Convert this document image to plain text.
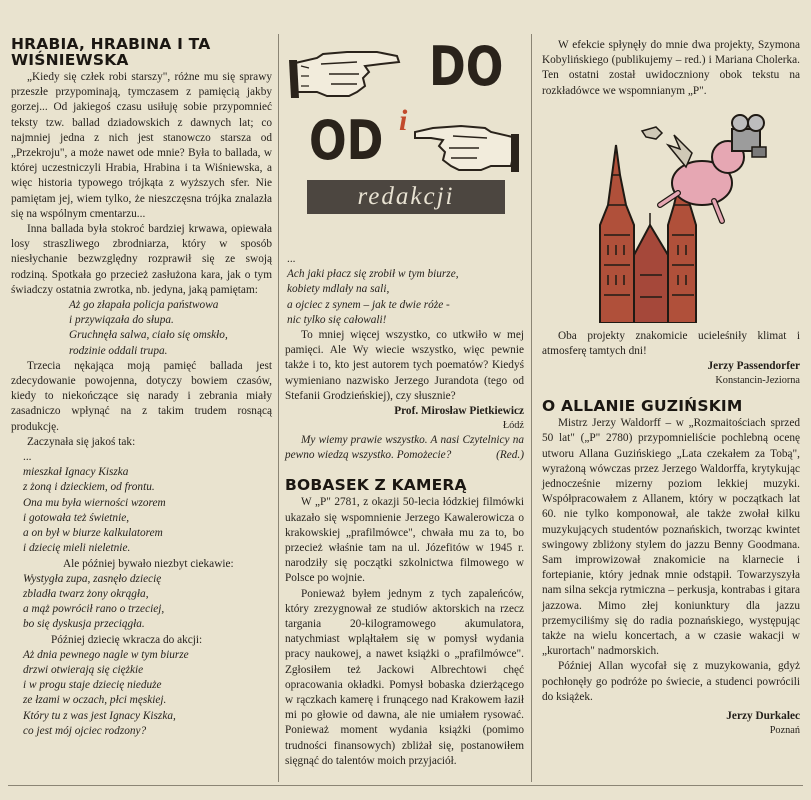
HRABIA, HRABINA I TA
WIŚNIEWSKA

„Kiedy się człek robi starszy", różne mu się sprawy przeszłe przypominają, tymczasem z pamięcią jakby gorzej... Od jakiegoś czasu usiłuję sobie przypomnieć teksty tzw. ballad dziadowskich z dawnych lat; co najmniej jedna z nich jest stanowczo starsza od „Przekroju", a może nawet ode mnie? Była to ballada, w której uczestniczyli Hrabia, Hrabina i ta Wiśniewska, a więc historia typowego trójkąta z wyższych sfer. Nie pamiętam jej, wiem tylko, że nieszczęsna trójka znalazła się na wspólnym cmentarzu...

Inna ballada była stokroć bardziej krwawa, opiewała losy straszliwego zbrodniarza, który w sposób niesłychanie bezwzględny rozprawił się ze swoją rodziną. Spotkała go przecież zasłużona kara, jak o tym świadczy ostatnia zwrotka, nb. jedyna, jaką pamiętam:

Aż go złapała policja państwowa
i przywiązała do słupa.
Gruchnęła salwa, ciało się omskło,
rodzinie oddali trupa.

Trzecia nękająca moją pamięć ballada jest zdecydowanie powojenna, dotyczy bowiem czasów, kiedy to niekończące się narady i zebrania miały zasadniczo wpłynąć na z takim trudem rosnącą produkcję.

Zaczynała się jakoś tak:

...
mieszkał Ignacy Kiszka
z żoną i dzieckiem, od frontu.
Ona mu była wierności wzorem
i gotowała też świetnie,
a on był w biurze kalkulatorem
i dziecię mieli nieletnie.

Ale później bywało niezbyt ciekawie:

Wystygła zupa, zasnęło dziecię
zbladła twarz żony okrągła,
a mąż powrócił rano o trzeciej,
bo się dyskusja przeciągła.

Później dziecię wkracza do akcji:

Aż dnia pewnego nagle w tym biurze
drzwi otwierają się ciężkie
i w progu staje dziecię nieduże
ze łzami w oczach, płci męskiej.
Który tu z was jest Ignacy Kiszka,
co jest mój ojciec rodzony?
DO
i
OD
redakcji
...
Ach jaki płacz się zrobił w tym biurze,
kobiety mdlały na sali,
a ojciec z synem – jak te dwie róże -
nic tylko się całowali!

To mniej więcej wszystko, co utkwiło w mej pamięci. Ale Wy wiecie wszystko, więc pewnie także i to, kto jest autorem tych poematów? Kiedyś wymieniano nazwisko Jerzego Jurandota (tego od Stefanii Grodzieńskiej), czy słusznie?

Prof. Mirosław Pietkiewicz
Łódź

My wiemy prawie wszystko. A nasi Czytelnicy na pewno wiedzą wszystko. Pomożecie?	(Red.)

BOBASEK Z KAMERĄ

W „P" 2781, z okazji 50-lecia łódzkiej filmówki ukazało się wspomnienie Jerzego Kawalerowicza o krakowskiej „prafilmówce", chwała mu za to, bo przecież właśnie tam na ul. Józefitów w 1945 r. narodziły się początki szkolnictwa filmowego w Polsce po wojnie.

Ponieważ byłem jednym z tych zapaleńców, który zrezygnował ze studiów aktorskich na rzecz targania 20-kilogramowego akumulatora, natychmiast wpląłtałem się w pomysł wydania pracy naukowej, a nawet książki o „prafilmówce". Zgłosiłem też Jackowi Albrechtowi chęć opracowania okładki. Pomysł bobaska dzierżącego w rączkach kamerę i frunącego nad Krakowem łaził mi po głowie od dawna, ale nie umiałem rysować. Ponieważ moment wydania książki (pomimo trudności finansowych) zbliżał się, postanowiłem sięgnąć do talentów moich przyjaciół.

W efekcie spłynęły do mnie dwa projekty, Szymona Kobylińskiego (publikujemy – red.) i Mariana Cholerka. Ten ostatni został uwidoczniony obok tekstu na rozkładówce we wspomnianym „P".

Oba projekty znakomicie ucieleśniły klimat i atmosferę tamtych dni!

Jerzy Passendorfer
Konstancin-Jeziorna
O ALLANIE GUZIŃSKIM

Mistrz Jerzy Waldorff – w „Rozmaitościach sprzed 50 lat" („P" 2780) przypomnieliście pochlebną ocenę utworu Allana Guzińskiego „Lata czekałem za Tobą", wyrażoną wówczas przez Jerzego Waldorffa, krytykując jednocześnie mizerny poziom lekkiej muzyki. Współpracowałem z Allanem, który w początkach lat 60. nie tylko komponował, ale także zwołał kilku muzykujących studentów poznańskich, tworząc kwintet swingowy zbliżony stylem do jazzu Benny Goodmana. Sam improwizował znakomicie na klarnecie i fortepianie, który jednak mnie odstąpił. Towarzyszyła nam silna sekcja rytmiczna – perkusja, kontrabas i gitara jazzowa. Mimo złej koniunktury dla jazzu przemyciliśmy się do radia poznańskiego, występując także na wielu koncertach, a w czasie wakacji w „kurortach" nadmorskich.

Później Allan wycofał się z muzykowania, gdyż pochłonęły go podróże po świecie, a studenci powrócili do książek.

Jerzy Durkalec
Poznań
